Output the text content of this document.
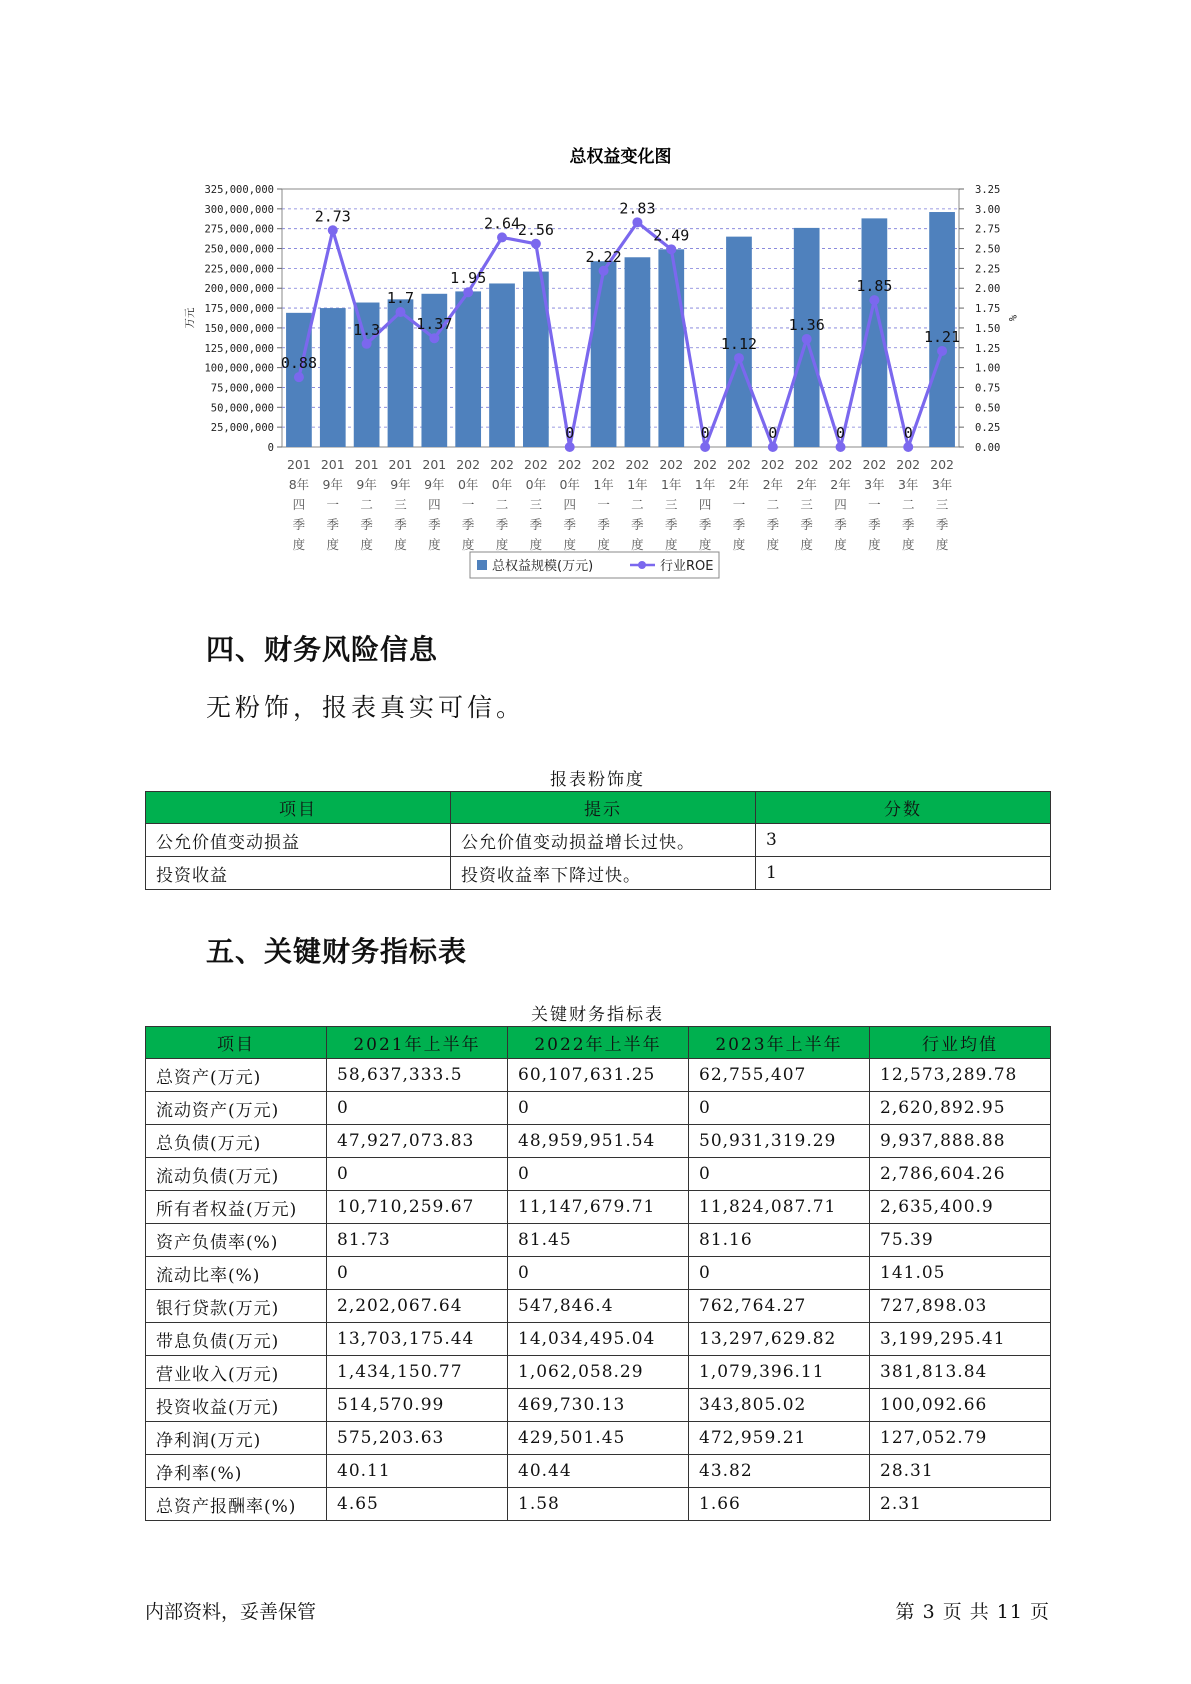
总权益变化图
0
25,000,000
50,000,000
75,000,000
100,000,000
125,000,000
150,000,000
175,000,000
200,000,000
225,000,000
250,000,000
275,000,000
300,000,000
325,000,000
0.00
0.25
0.50
0.75
1.00
1.25
1.50
1.75
2.00
2.25
2.50
2.75
3.00
3.25
万元	%
201 8年四季度
201 9年一季度
201 9年二季度
201 9年三季度
201 9年四季度
202 0年一季度
202 0年二季度
202 0年三季度
202 0年四季度
202 1年一季度
202 1年二季度
202 1年三季度
202 1年四季度
202 2年一季度
202 2年二季度
202 2年三季度
202 2年四季度
202 3年一季度
202 3年二季度
202 3年三季度
0.88
2.73
1.3
1.7
1.37
1.95
2.64
2.56
0
2.22
2.83
2.49
0
1.12
0
1.36
0
1.85
0
1.21
总权益规模(万元)	行业ROE
四、财务风险信息

无粉饰，报表真实可信。

报表粉饰度
项目	提示	分数
公允价值变动损益	公允价值变动损益增长过快。	3
投资收益	投资收益率下降过快。	1
五、关键财务指标表
关键财务指标表
项目	2021年上半年	2022年上半年	2023年上半年	行业均值
总资产(万元)	58,637,333.5	60,107,631.25	62,755,407	12,573,289.78
流动资产(万元)	0	0	0	2,620,892.95
总负债(万元)	47,927,073.83	48,959,951.54	50,931,319.29	9,937,888.88
流动负债(万元)	0	0	0	2,786,604.26
所有者权益(万元)	10,710,259.67	11,147,679.71	11,824,087.71	2,635,400.9
资产负债率(%)	81.73	81.45	81.16	75.39
流动比率(%)	0	0	0	141.05
银行贷款(万元)	2,202,067.64	547,846.4	762,764.27	727,898.03
带息负债(万元)	13,703,175.44	14,034,495.04	13,297,629.82	3,199,295.41
营业收入(万元)	1,434,150.77	1,062,058.29	1,079,396.11	381,813.84
投资收益(万元)	514,570.99	469,730.13	343,805.02	100,092.66
净利润(万元)	575,203.63	429,501.45	472,959.21	127,052.79
净利率(%)	40.11	40.44	43.82	28.31
总资产报酬率(%)	4.65	1.58	1.66	2.31
内部资料，妥善保管	第 3 页 共 11 页
